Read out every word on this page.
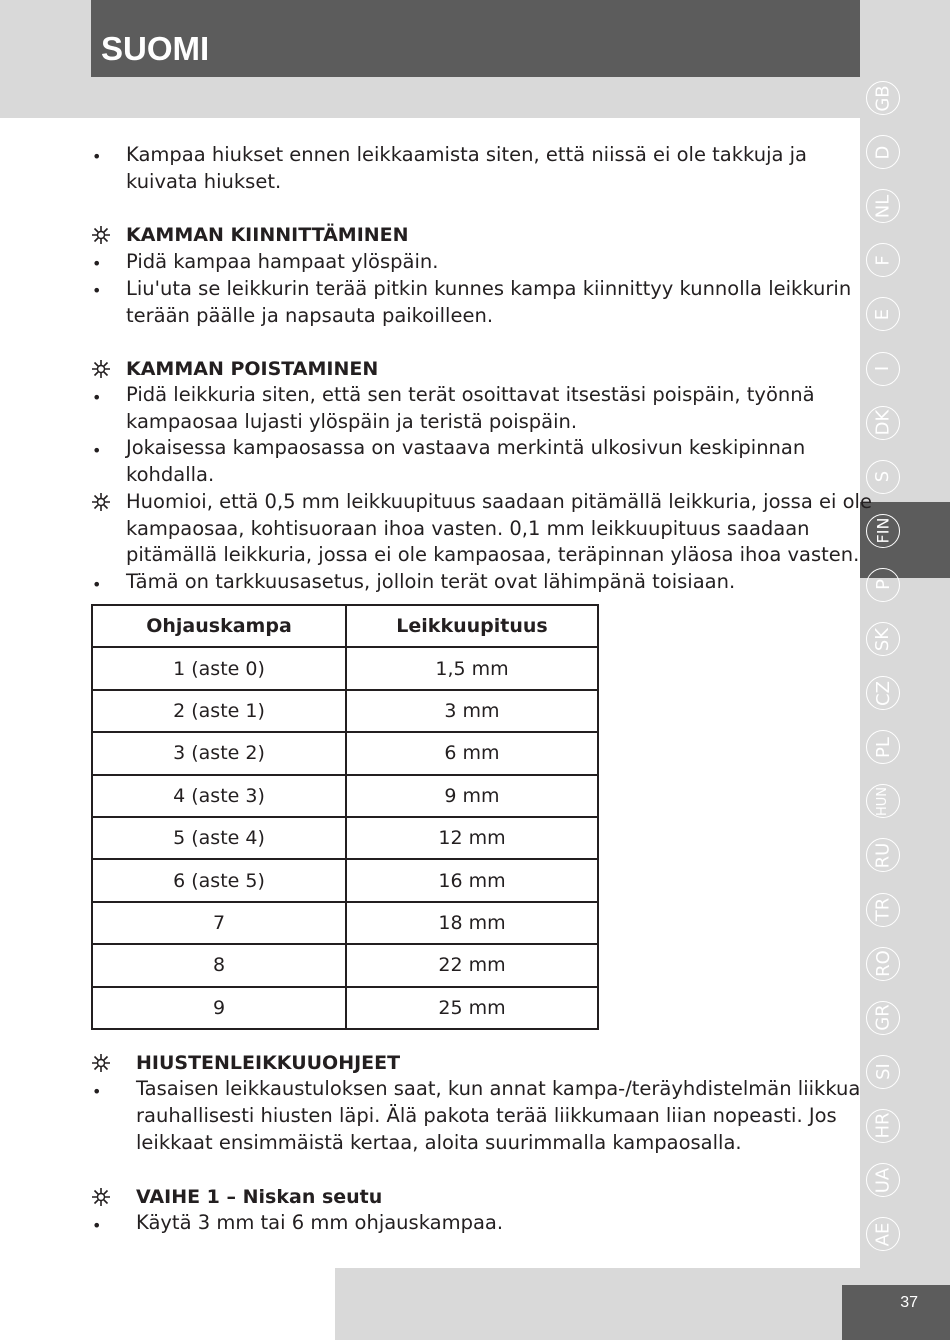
SUOMI
GB
D
NL
F
E
I
DK
S
FIN
P
SK
CZ
PL
HUN
RU
TR
RO
GR
SI
HR
UA
AE
37
• Kampaa hiukset ennen leikkaamista siten, että niissä ei ole takkuja ja
kuivata hiukset.
KAMMAN KIINNITTÄMINEN
• Pidä kampaa hampaat ylöspäin.
• Liu'uta se leikkurin terää pitkin kunnes kampa kiinnittyy kunnolla leikkurin
terään päälle ja napsauta paikoilleen.
KAMMAN POISTAMINEN
• Pidä leikkuria siten, että sen terät osoittavat itsestäsi poispäin, työnnä
kampaosaa lujasti ylöspäin ja teristä poispäin.
• Jokaisessa kampaosassa on vastaava merkintä ulkosivun keskipinnan
kohdalla.
Huomioi, että 0,5 mm leikkuupituus saadaan pitämällä leikkuria, jossa ei ole
kampaosaa, kohtisuoraan ihoa vasten. 0,1 mm leikkuupituus saadaan
pitämällä leikkuria, jossa ei ole kampaosaa, teräpinnan yläosa ihoa vasten.
• Tämä on tarkkuusasetus, jolloin terät ovat lähimpänä toisiaan.
Ohjauskampa	Leikkuupituus
1 (aste 0)	1,5 mm
2 (aste 1)	3 mm
3 (aste 2)	6 mm
4 (aste 3)	9 mm
5 (aste 4)	12 mm
6 (aste 5)	16 mm
7	18 mm
8	22 mm
9	25 mm
HIUSTENLEIKKUUOHJEET
• Tasaisen leikkaustuloksen saat, kun annat kampa-/teräyhdistelmän liikkua
rauhallisesti hiusten läpi. Älä pakota terää liikkumaan liian nopeasti. Jos
leikkaat ensimmäistä kertaa, aloita suurimmalla kampaosalla.
VAIHE 1 – Niskan seutu
• Käytä 3 mm tai 6 mm ohjauskampaa.
